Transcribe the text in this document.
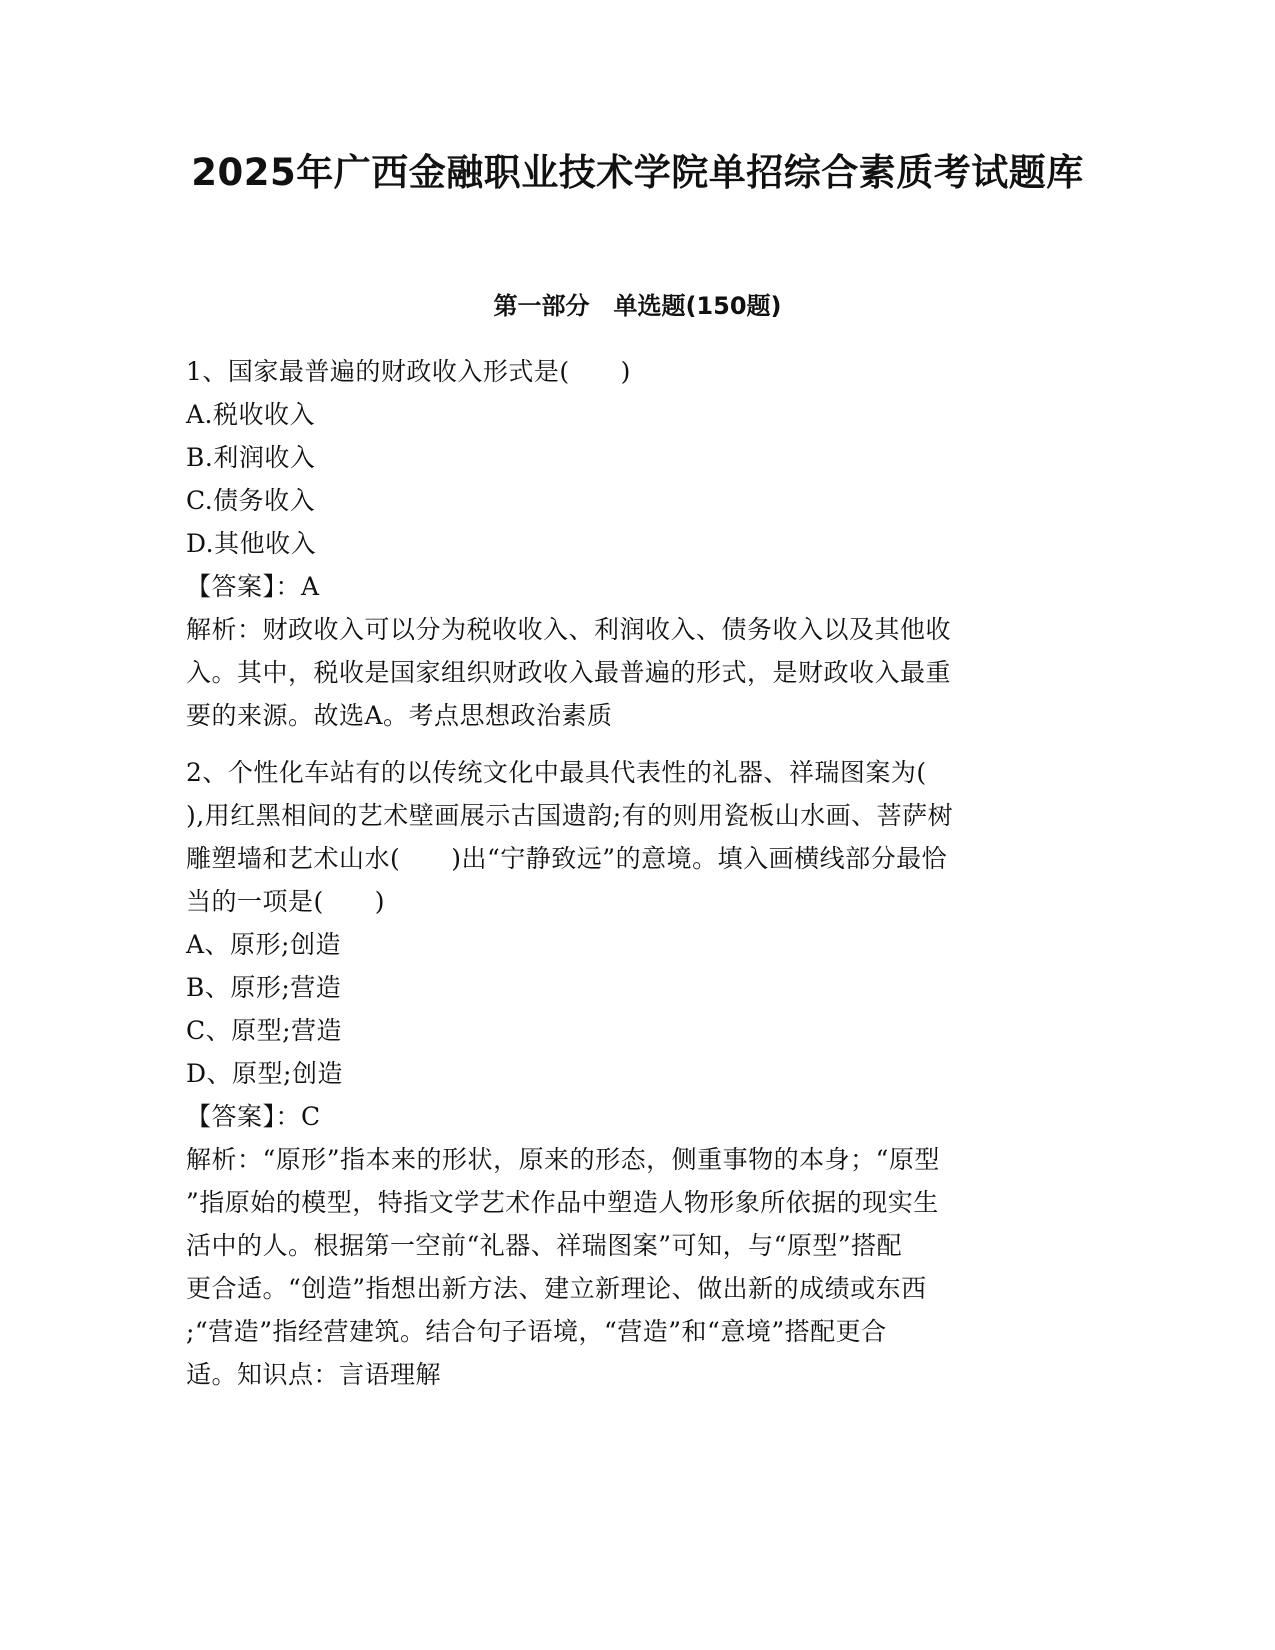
2025年广西金融职业技术学院单招综合素质考试题库
第一部分　单选题(150题)
1、国家最普遍的财政收入形式是(　　)
A.税收收入
B.利润收入
C.债务收入
D.其他收入
【答案】：A
解析：财政收入可以分为税收收入、利润收入、债务收入以及其他收
入。其中，税收是国家组织财政收入最普遍的形式，是财政收入最重
要的来源。故选A。考点思想政治素质
2、个性化车站有的以传统文化中最具代表性的礼器、祥瑞图案为(
),用红黑相间的艺术壁画展示古国遗韵;有的则用瓷板山水画、菩萨树
雕塑墙和艺术山水(　　)出“宁静致远”的意境。填入画横线部分最恰
当的一项是(　　)
A、原形;创造
B、原形;营造
C、原型;营造
D、原型;创造
【答案】：C
解析：“原形”指本来的形状，原来的形态，侧重事物的本身；“原型
”指原始的模型，特指文学艺术作品中塑造人物形象所依据的现实生
活中的人。根据第一空前“礼器、祥瑞图案”可知，与“原型”搭配
更合适。“创造”指想出新方法、建立新理论、做出新的成绩或东西
;“营造”指经营建筑。结合句子语境，“营造”和“意境”搭配更合
适。知识点：言语理解
